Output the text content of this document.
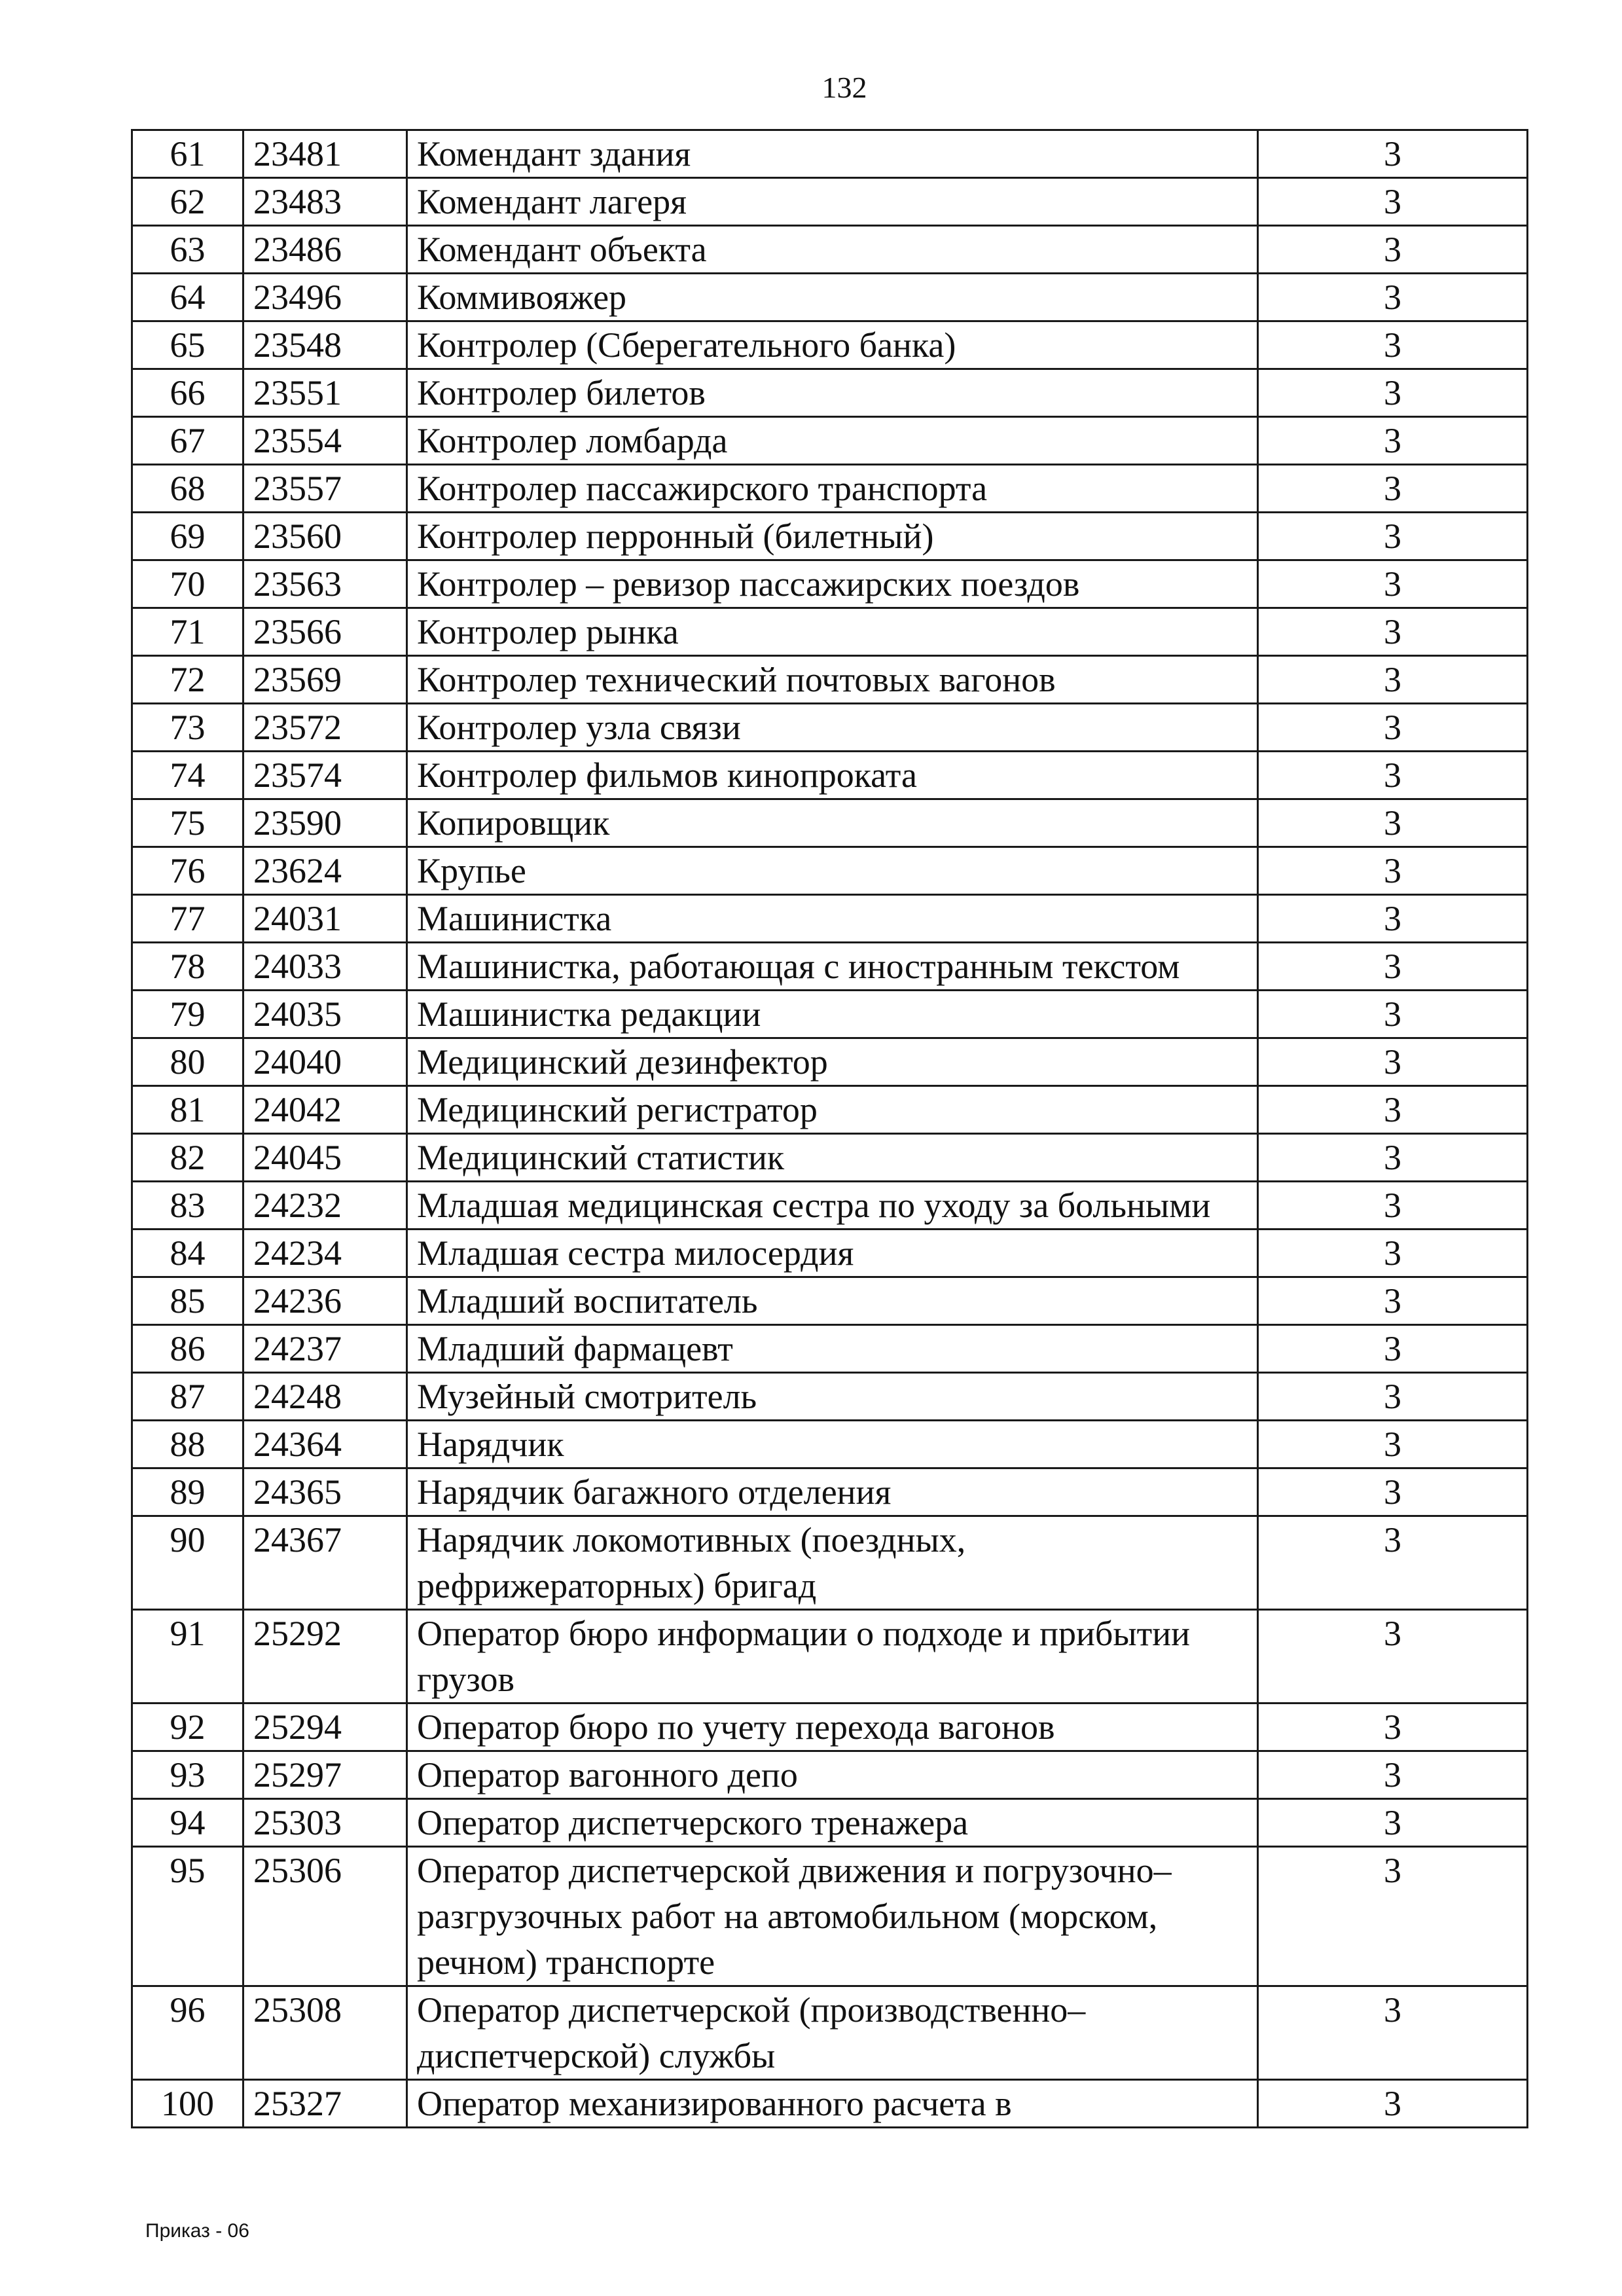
132
61	23481	Комендант здания	3
62	23483	Комендант лагеря	3
63	23486	Комендант объекта	3
64	23496	Коммивояжер	3
65	23548	Контролер (Сберегательного банка)	3
66	23551	Контролер билетов	3
67	23554	Контролер ломбарда	3
68	23557	Контролер пассажирского транспорта	3
69	23560	Контролер перронный (билетный)	3
70	23563	Контролер – ревизор пассажирских поездов	3
71	23566	Контролер рынка	3
72	23569	Контролер технический почтовых вагонов	3
73	23572	Контролер узла связи	3
74	23574	Контролер фильмов кинопроката	3
75	23590	Копировщик	3
76	23624	Крупье	3
77	24031	Машинистка	3
78	24033	Машинистка, работающая с иностранным текстом	3
79	24035	Машинистка редакции	3
80	24040	Медицинский дезинфектор	3
81	24042	Медицинский регистратор	3
82	24045	Медицинский статистик	3
83	24232	Младшая медицинская сестра по уходу за больными	3
84	24234	Младшая сестра милосердия	3
85	24236	Младший воспитатель	3
86	24237	Младший фармацевт	3
87	24248	Музейный смотритель	3
88	24364	Нарядчик	3
89	24365	Нарядчик багажного отделения	3
90	24367	Нарядчик локомотивных (поездных, рефрижераторных) бригад	3
91	25292	Оператор бюро информации о подходе и прибытии грузов	3
92	25294	Оператор бюро по учету перехода вагонов	3
93	25297	Оператор вагонного депо	3
94	25303	Оператор диспетчерского тренажера	3
95	25306	Оператор диспетчерской движения и погрузочно–разгрузочных работ на автомобильном (морском, речном) транспорте	3
96	25308	Оператор диспетчерской (производственно–диспетчерской) службы	3
100	25327	Оператор механизированного расчета в	3
Приказ - 06
